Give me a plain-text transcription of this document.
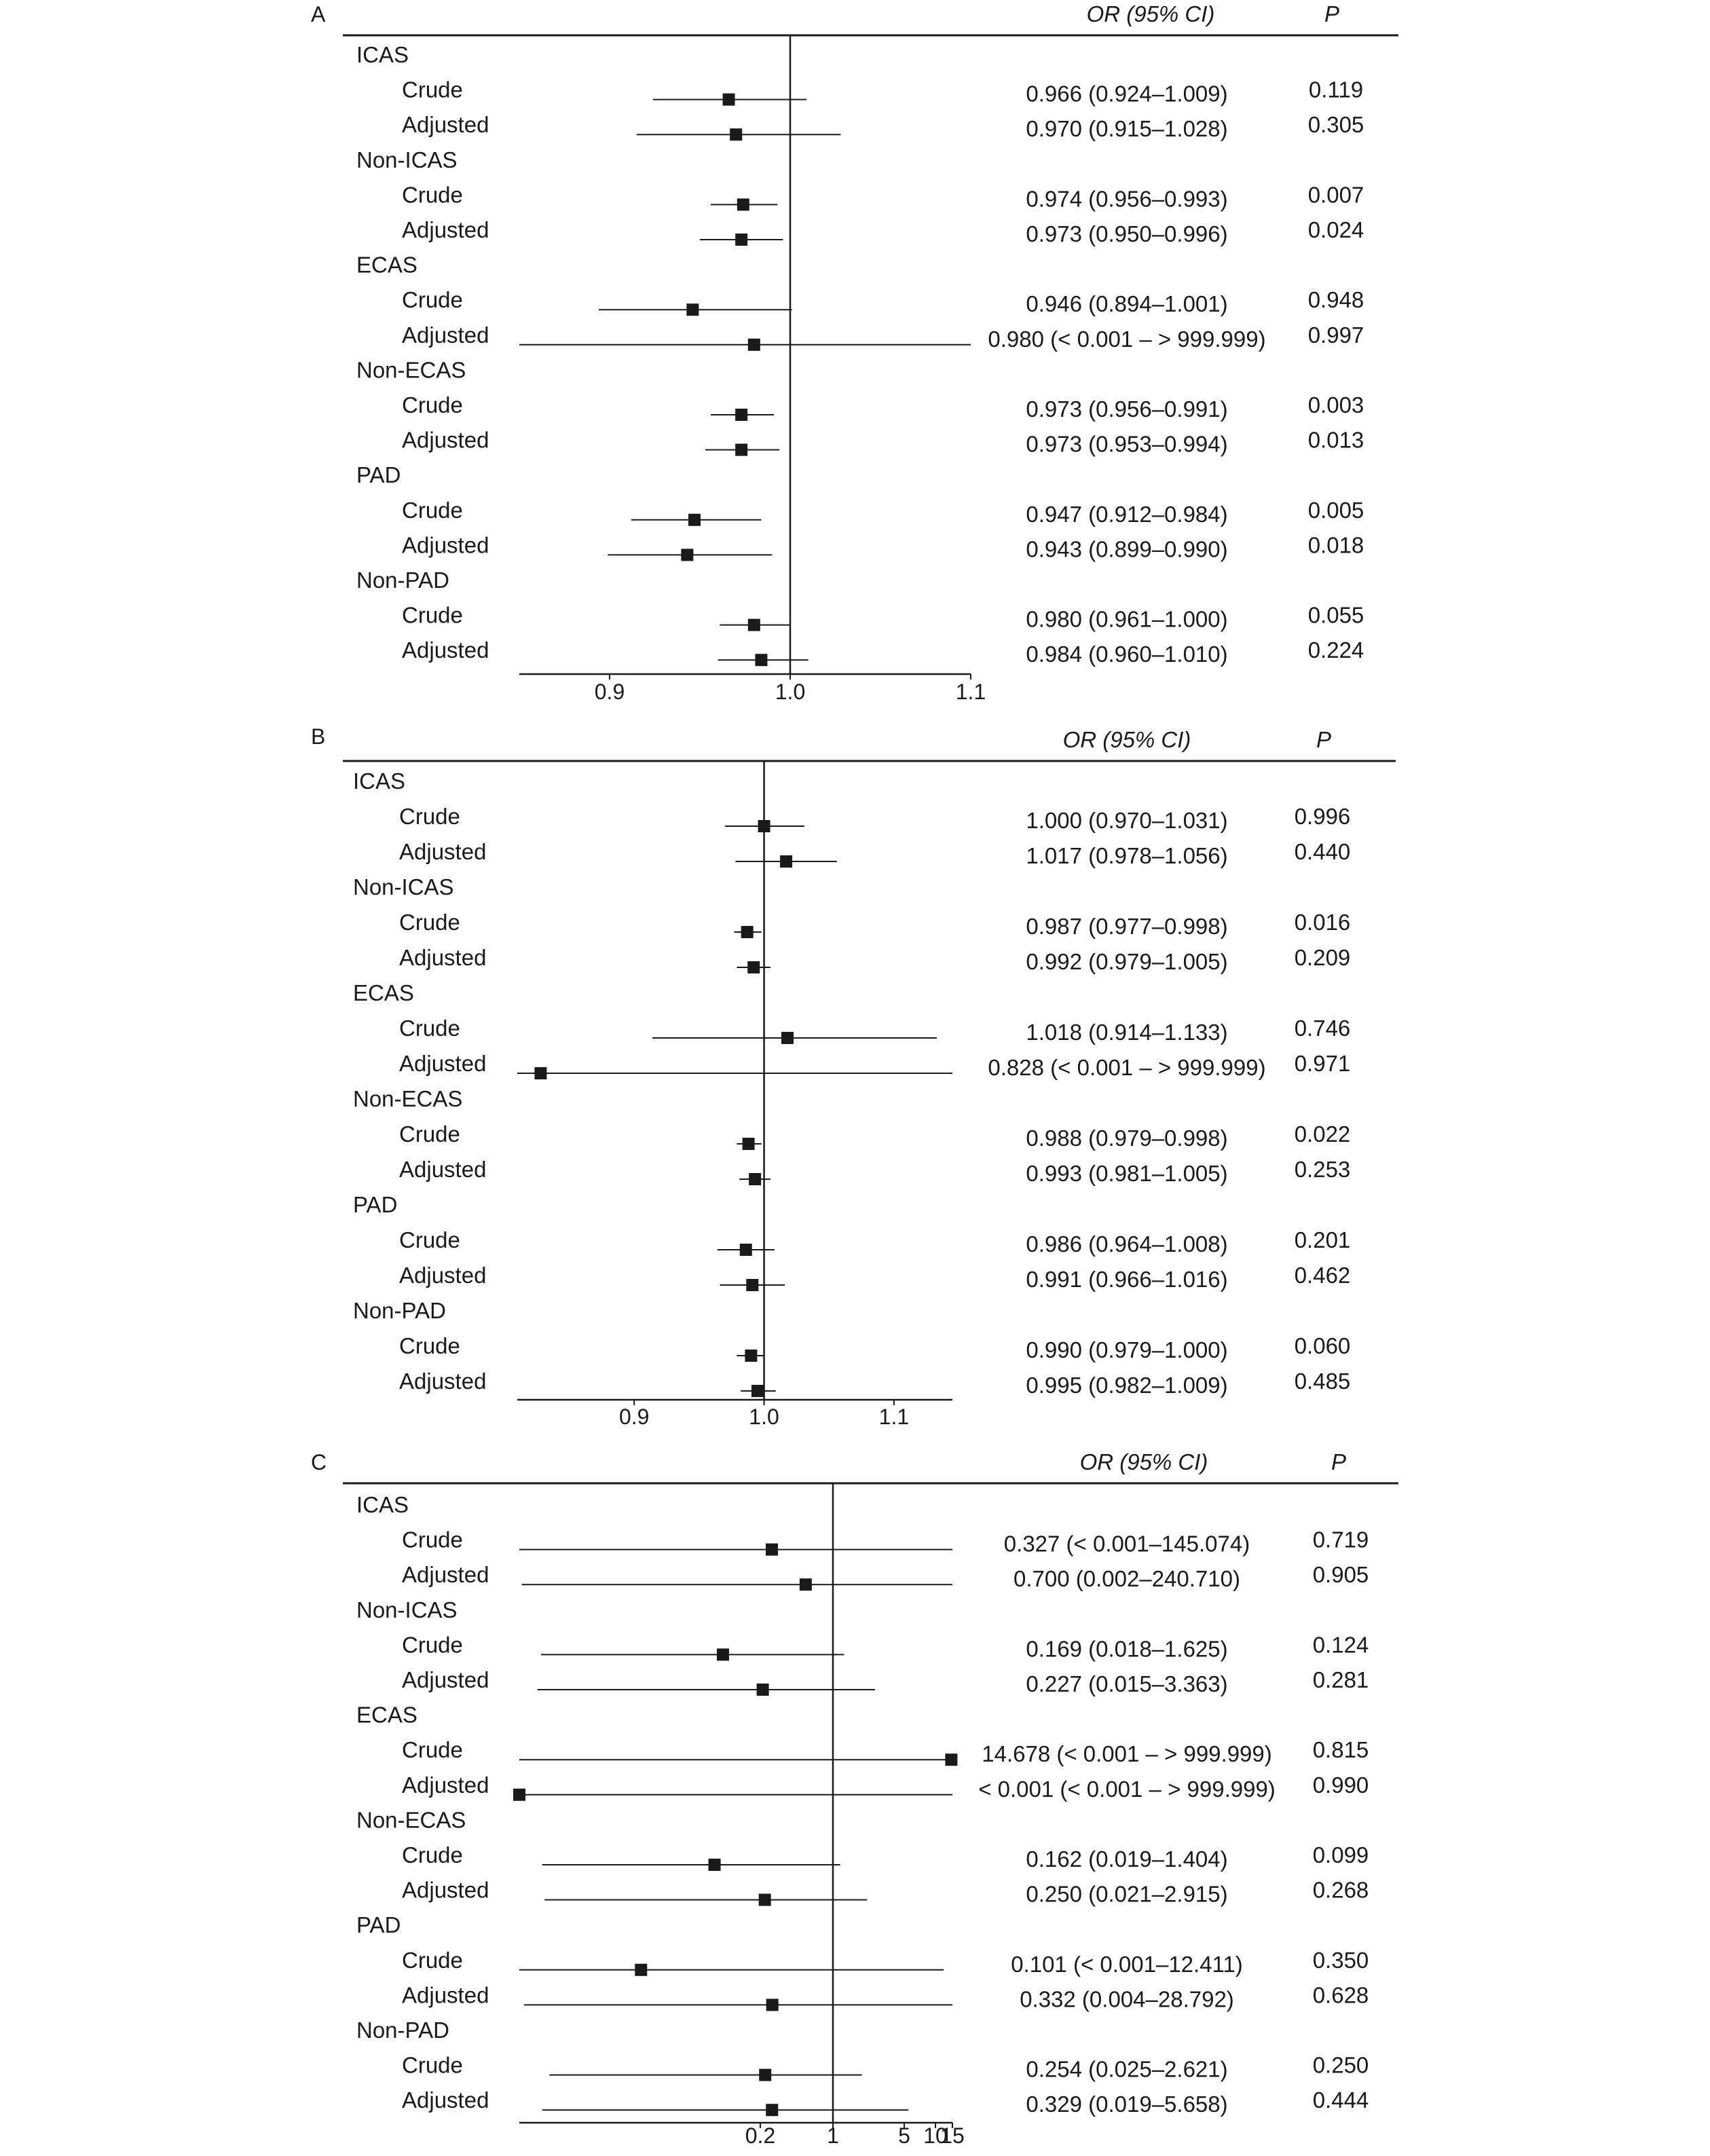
A	OR (95% CI)	P
0.9	1.0	1.1
ICAS
Crude	0.966 (0.924–1.009)	0.119
Adjusted	0.970 (0.915–1.028)	0.305
Non-ICAS
Crude	0.974 (0.956–0.993)	0.007
Adjusted	0.973 (0.950–0.996)	0.024
ECAS
Crude	0.946 (0.894–1.001)	0.948
Adjusted	0.980 (< 0.001 – > 999.999) 0.997
Non-ECAS
Crude	0.973 (0.956–0.991)	0.003
Adjusted	0.973 (0.953–0.994)	0.013
PAD
Crude	0.947 (0.912–0.984)	0.005
Adjusted	0.943 (0.899–0.990)	0.018
Non-PAD
Crude	0.980 (0.961–1.000)	0.055
Adjusted	0.984 (0.960–1.010)	0.224
B	OR (95% CI)	P
0.9	1.0	1.1
ICAS
Crude	1.000 (0.970–1.031)	0.996
Adjusted	1.017 (0.978–1.056)	0.440
Non-ICAS
Crude	0.987 (0.977–0.998)	0.016
Adjusted	0.992 (0.979–1.005)	0.209
ECAS
Crude	1.018 (0.914–1.133)	0.746
Adjusted	0.828 (< 0.001 – > 999.999) 0.971
Non-ECAS
Crude	0.988 (0.979–0.998)	0.022
Adjusted	0.993 (0.981–1.005)	0.253
PAD
Crude	0.986 (0.964–1.008)	0.201
Adjusted	0.991 (0.966–1.016)	0.462
Non-PAD
Crude	0.990 (0.979–1.000)	0.060
Adjusted	0.995 (0.982–1.009)	0.485
C	OR (95% CI)	P
0.2 1	5 10
15
ICAS
Crude	0.327 (< 0.001–145.074)	0.719
Adjusted	0.700 (0.002–240.710)	0.905
Non-ICAS
Crude	0.169 (0.018–1.625)	0.124
Adjusted	0.227 (0.015–3.363)	0.281
ECAS
Crude	14.678 (< 0.001 – > 999.999) 0.815
Adjusted	< 0.001 (< 0.001 – > 999.999) 0.990
Non-ECAS
Crude	0.162 (0.019–1.404)	0.099
Adjusted	0.250 (0.021–2.915)	0.268
PAD
Crude	0.101 (< 0.001–12.411)	0.350
Adjusted	0.332 (0.004–28.792)	0.628
Non-PAD
Crude	0.254 (0.025–2.621)	0.250
Adjusted	0.329 (0.019–5.658)	0.444
